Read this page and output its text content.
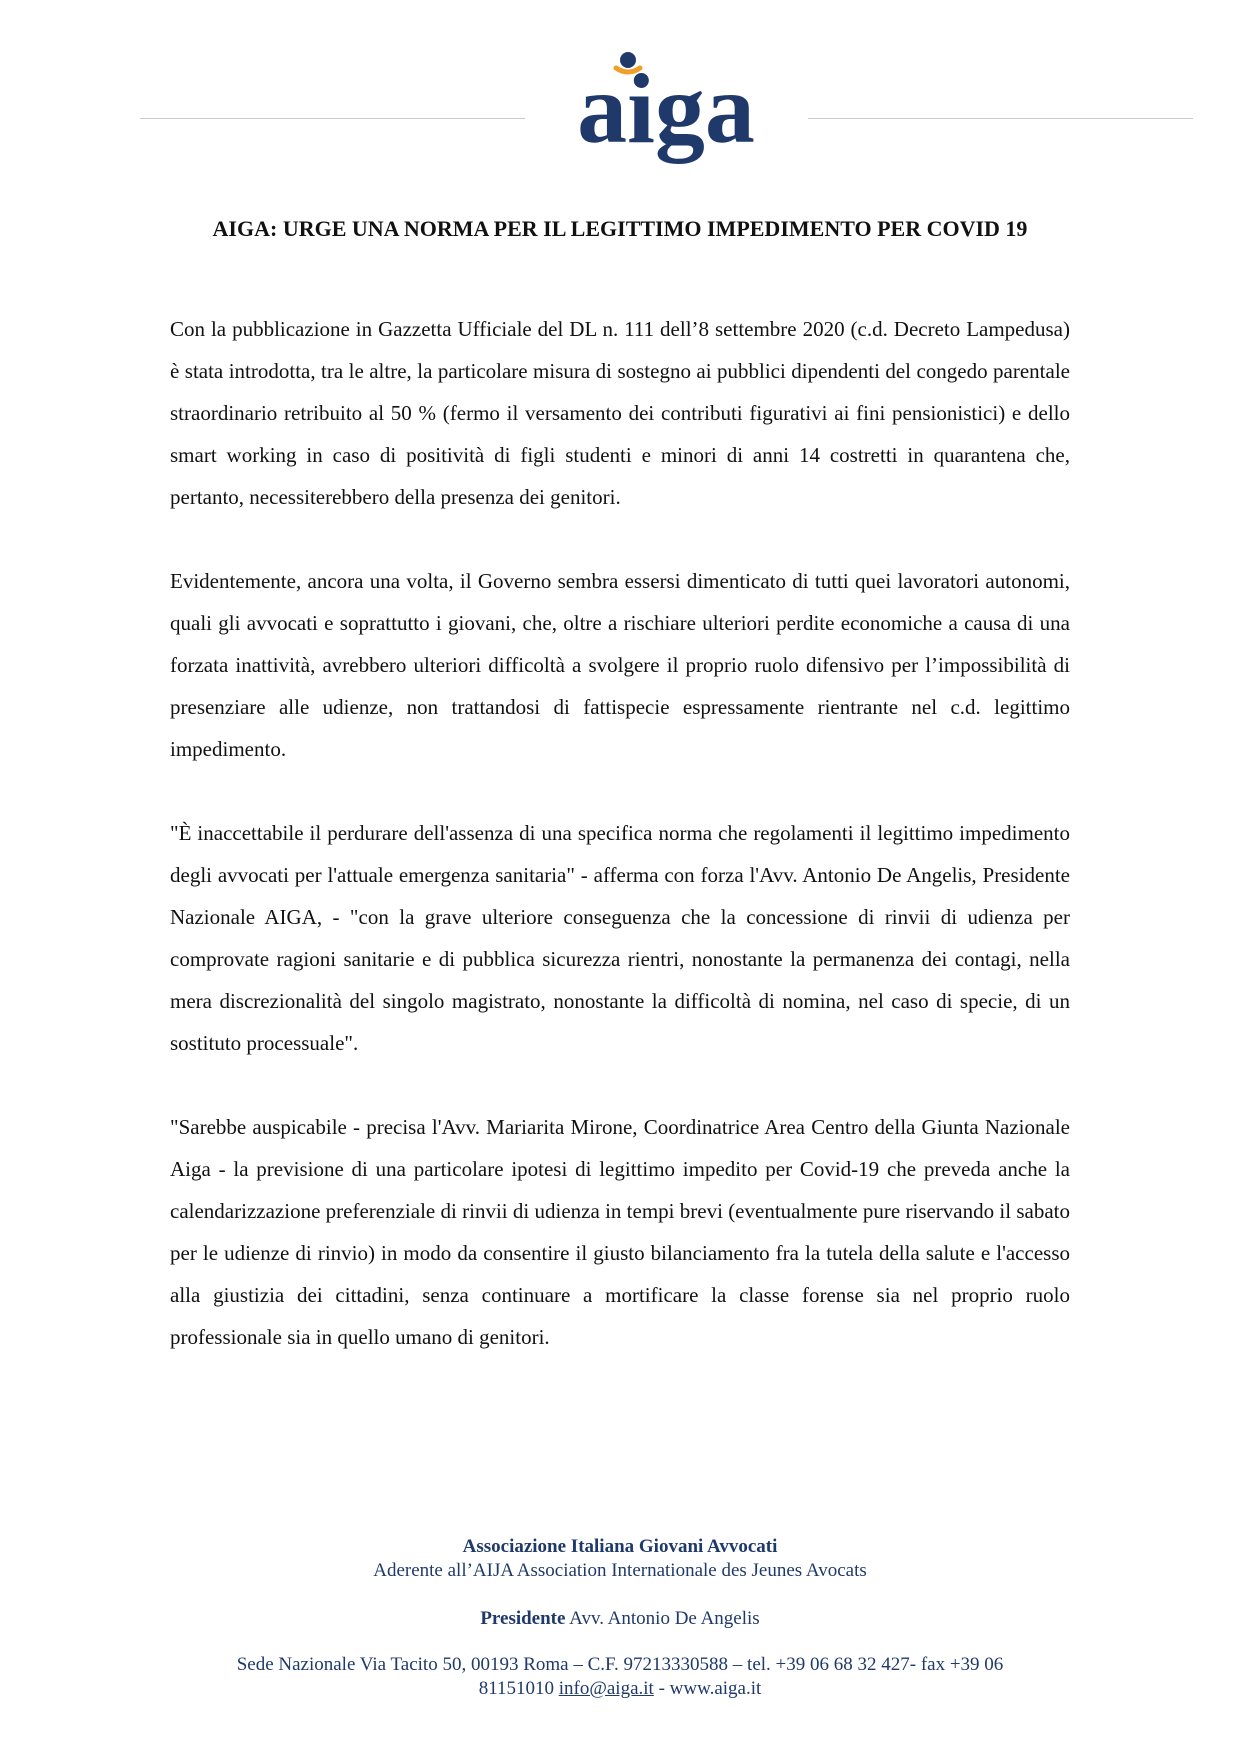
aiga
AIGA: URGE UNA NORMA PER IL LEGITTIMO IMPEDIMENTO PER COVID 19

Con la pubblicazione in Gazzetta Ufficiale del DL n. 111 dell’8 settembre 2020 (c.d. Decreto Lampedusa) è stata introdotta, tra le altre, la particolare misura di sostegno ai pubblici dipendenti del congedo parentale straordinario retribuito al 50 % (fermo il versamento dei contributi figurativi ai fini pensionistici) e dello smart working in caso di positività di figli studenti e minori di anni 14 costretti in quarantena che, pertanto, necessiterebbero della presenza dei genitori.

Evidentemente, ancora una volta, il Governo sembra essersi dimenticato di tutti quei lavoratori autonomi, quali gli avvocati e soprattutto i giovani, che, oltre a rischiare ulteriori perdite economiche a causa di una forzata inattività, avrebbero ulteriori difficoltà a svolgere il proprio ruolo difensivo per l’impossibilità di presenziare alle udienze, non trattandosi di fattispecie espressamente rientrante nel c.d. legittimo impedimento.

"È inaccettabile il perdurare dell'assenza di una specifica norma che regolamenti il legittimo impedimento degli avvocati per l'attuale emergenza sanitaria" - afferma con forza l'Avv. Antonio De Angelis, Presidente Nazionale AIGA, - "con la grave ulteriore conseguenza che la concessione di rinvii di udienza per comprovate ragioni sanitarie e di pubblica sicurezza rientri, nonostante la permanenza dei contagi, nella mera discrezionalità del singolo magistrato, nonostante la difficoltà di nomina, nel caso di specie, di un sostituto processuale".

"Sarebbe auspicabile - precisa l'Avv. Mariarita Mirone, Coordinatrice Area Centro della Giunta Nazionale Aiga - la previsione di una particolare ipotesi di legittimo impedito per Covid-19 che preveda anche la calendarizzazione preferenziale di rinvii di udienza in tempi brevi (eventualmente pure riservando il sabato per le udienze di rinvio) in modo da consentire il giusto bilanciamento fra la tutela della salute e l'accesso alla giustizia dei cittadini, senza continuare a mortificare la classe forense sia nel proprio ruolo professionale sia in quello umano di genitori.

Associazione Italiana Giovani Avvocati
Aderente all’AIJA Association Internationale des Jeunes Avocats
Presidente Avv. Antonio De Angelis
Sede Nazionale Via Tacito 50, 00193 Roma – C.F. 97213330588 – tel. +39 06 68 32 427- fax +39 06
81151010 info@aiga.it - www.aiga.it
